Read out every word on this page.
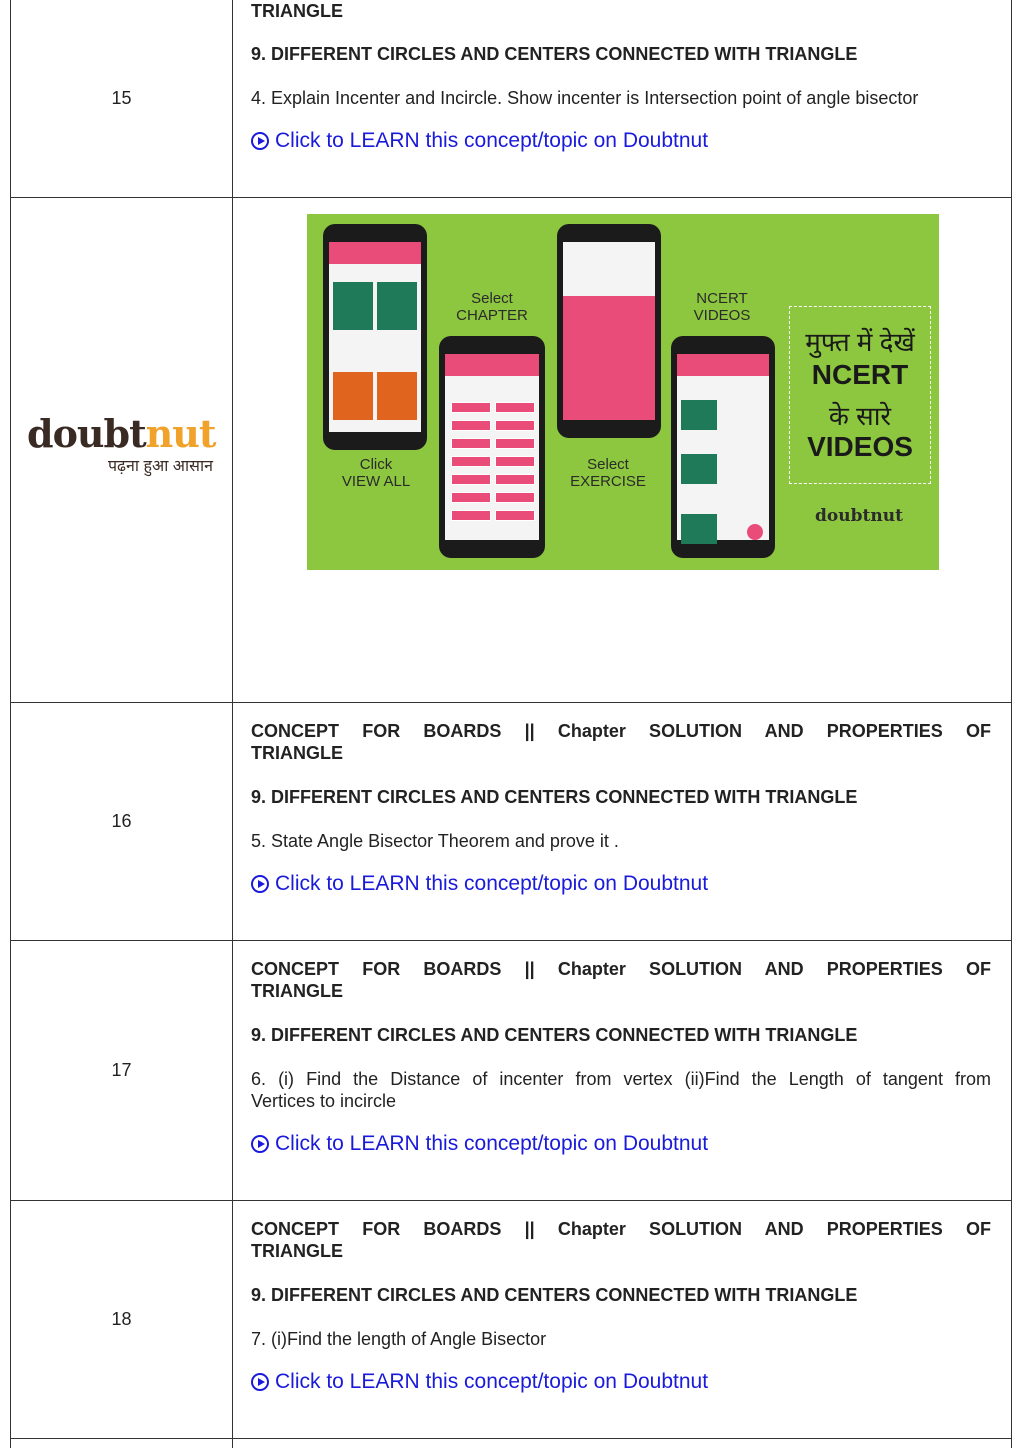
15

TRIANGLE

9. DIFFERENT CIRCLES AND CENTERS CONNECTED WITH TRIANGLE

4. Explain Incenter and Incircle. Show incenter is Intersection point of angle bisector

Click to LEARN this concept/topic on Doubtnut

doubtnut
पढ़ना हुआ आसान
Select
CHAPTER
NCERT
VIDEOS
Click
VIEW ALL
Select
EXERCISE
मुफ्त में देखें
NCERT
के सारे
VIDEOS
doubtnut
16

CONCEPT FOR BOARDS || Chapter SOLUTION AND PROPERTIES OF

TRIANGLE

9. DIFFERENT CIRCLES AND CENTERS CONNECTED WITH TRIANGLE

5. State Angle Bisector Theorem and prove it .

Click to LEARN this concept/topic on Doubtnut

17

CONCEPT FOR BOARDS || Chapter SOLUTION AND PROPERTIES OF

TRIANGLE

9. DIFFERENT CIRCLES AND CENTERS CONNECTED WITH TRIANGLE

6. (i) Find the Distance of incenter from vertex (ii)Find the Length of tangent from

Vertices to incircle

Click to LEARN this concept/topic on Doubtnut

18

CONCEPT FOR BOARDS || Chapter SOLUTION AND PROPERTIES OF

TRIANGLE

9. DIFFERENT CIRCLES AND CENTERS CONNECTED WITH TRIANGLE

7. (i)Find the length of Angle Bisector

Click to LEARN this concept/topic on Doubtnut
